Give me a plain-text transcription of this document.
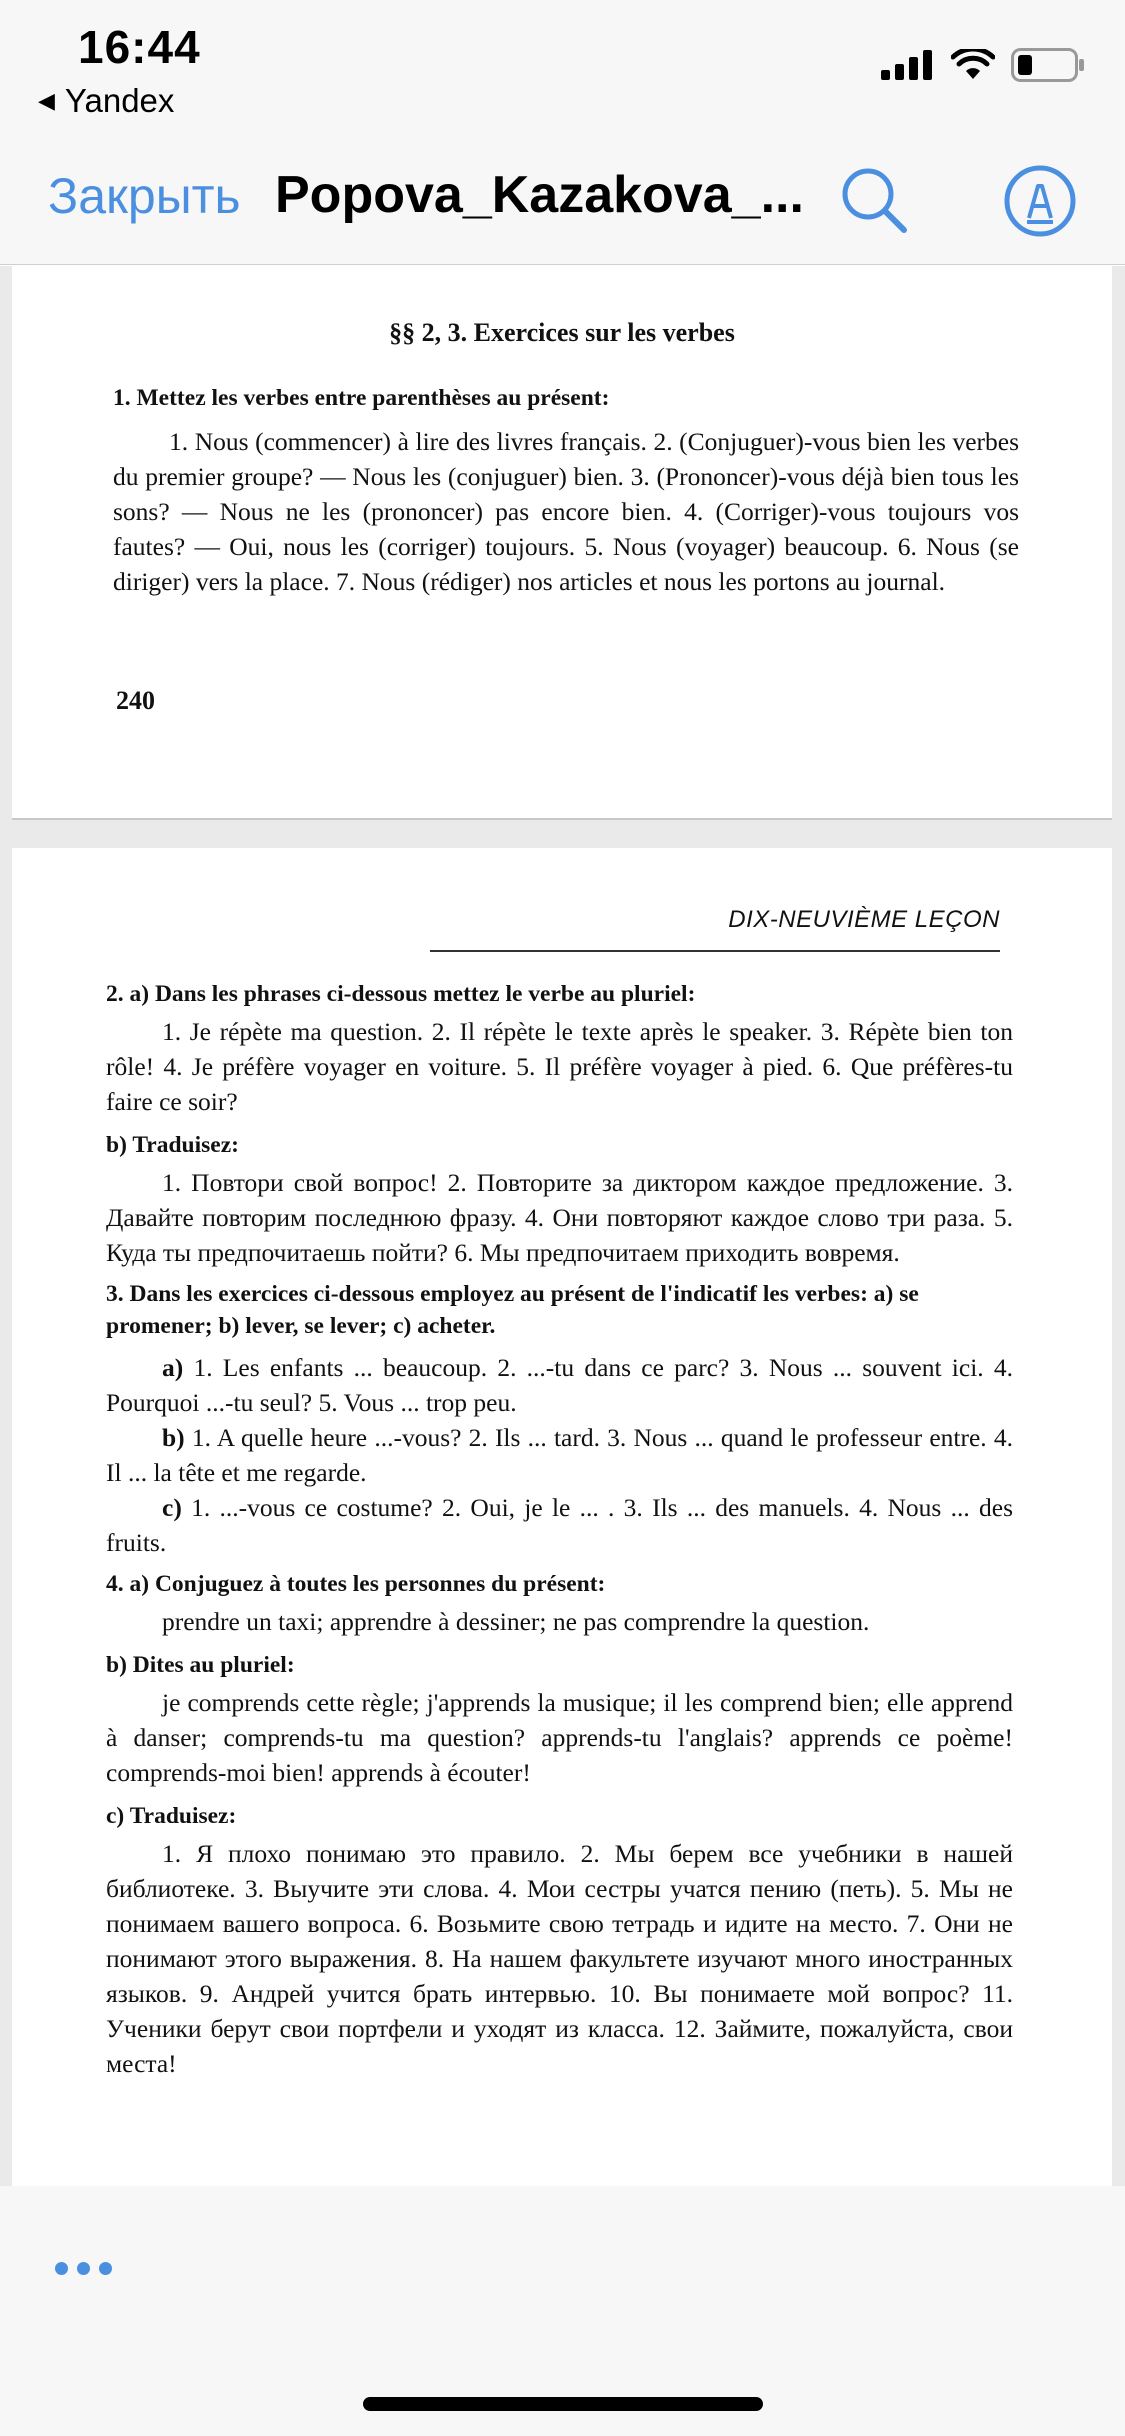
16:44
◀ Yandex
Закрыть Popova_Kazakova_...
§§ 2, 3. Exercices sur les verbes
1. Mettez les verbes entre parenthèses au présent:
1. Nous (commencer) à lire des livres français. 2. (Conjuguer)-vous bien les verbes du premier groupe? — Nous les (conjuguer) bien. 3. (Prononcer)-vous déjà bien tous les sons? — Nous ne les (prononcer) pas encore bien. 4. (Corriger)-vous toujours vos fautes? — Oui, nous les (corriger) toujours. 5. Nous (voyager) beaucoup. 6. Nous (se diriger) vers la place. 7. Nous (rédiger) nos articles et nous les portons au journal.
240
DIX-NEUVIÈME LEÇON
2. a) Dans les phrases ci-dessous mettez le verbe au pluriel:
1. Je répète ma question. 2. Il répète le texte après le speaker. 3. Répète bien ton rôle! 4. Je préfère voyager en voiture. 5. Il préfère voyager à pied. 6. Que préfères-tu faire ce soir?
b) Traduisez:
1. Повтори свой вопрос! 2. Повторите за диктором каждое предложение. 3. Давайте повторим последнюю фразу. 4. Они повторяют каждое слово три раза. 5. Куда ты предпочитаешь пойти? 6. Мы предпочитаем приходить вовремя.
3. Dans les exercices ci-dessous employez au présent de l'indicatif les verbes: a) se promener; b) lever, se lever; c) acheter.
a) 1. Les enfants ... beaucoup. 2. ...-tu dans ce parc? 3. Nous ... souvent ici. 4. Pourquoi ...-tu seul? 5. Vous ... trop peu.
b) 1. A quelle heure ...-vous? 2. Ils ... tard. 3. Nous ... quand le professeur entre. 4. Il ... la tête et me regarde.
c) 1. ...-vous ce costume? 2. Oui, je le ... . 3. Ils ... des manuels. 4. Nous ... des fruits.
4. a) Conjuguez à toutes les personnes du présent:
prendre un taxi; apprendre à dessiner; ne pas comprendre la question.
b) Dites au pluriel:
je comprends cette règle; j'apprends la musique; il les comprend bien; elle apprend à danser; comprends-tu ma question? apprends-tu l'anglais? apprends ce poème! comprends-moi bien! apprends à écouter!
c) Traduisez:
1. Я плохо понимаю это правило. 2. Мы берем все учебники в нашей библиотеке. 3. Выучите эти слова. 4. Мои сестры учатся пению (петь). 5. Мы не понимаем вашего вопроса. 6. Возьмите свою тетрадь и идите на место. 7. Они не понимают этого выражения. 8. На нашем факультете изучают много иностранных языков. 9. Андрей учится брать интервью. 10. Вы понимаете мой вопрос? 11. Ученики берут свои портфели и уходят из класса. 12. Займите, пожалуйста, свои места!
